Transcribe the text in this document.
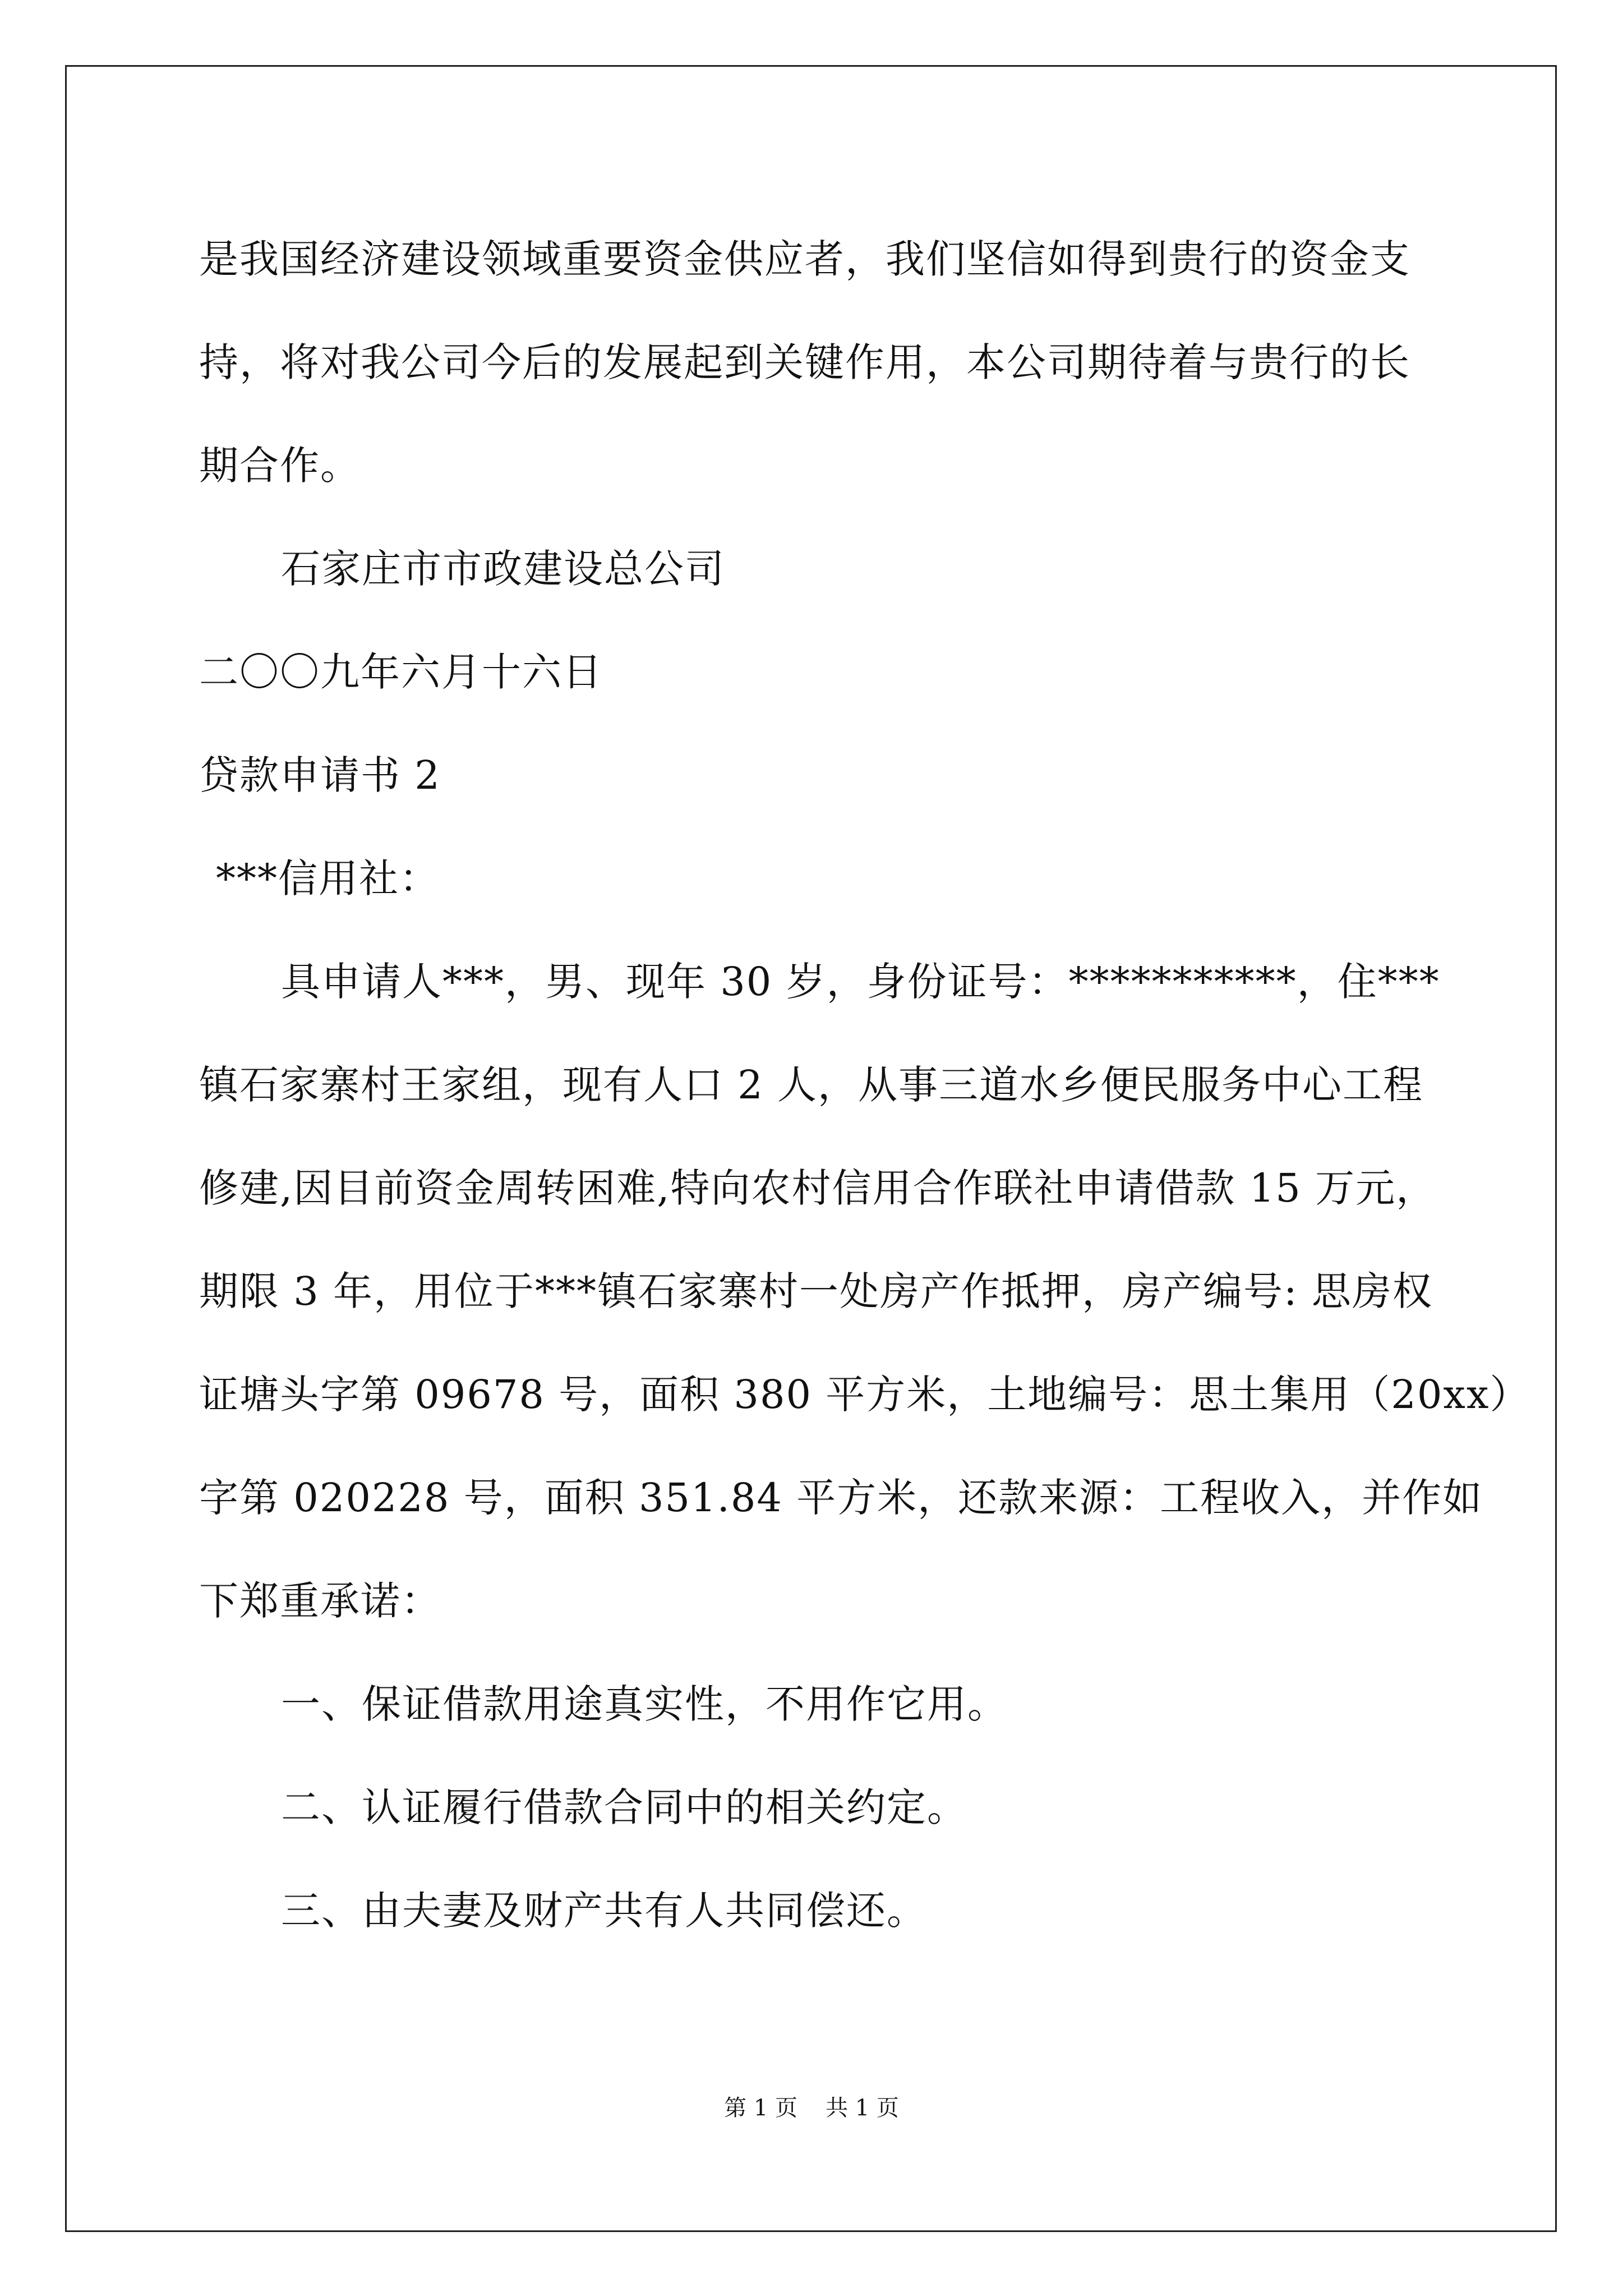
是我国经济建设领域重要资金供应者，我们坚信如得到贵行的资金支
持，将对我公司今后的发展起到关键作用，本公司期待着与贵行的长
期合作。
石家庄市市政建设总公司
二〇〇九年六月十六日
贷款申请书 2
***信用社：
具申请人***，男、现年 30 岁，身份证号：***********，住***
镇石家寨村王家组，现有人口 2 人，从事三道水乡便民服务中心工程
修建,因目前资金周转困难,特向农村信用合作联社申请借款 15 万元，
期限 3 年，用位于***镇石家寨村一处房产作抵押，房产编号: 思房权
证塘头字第 09678 号，面积 380 平方米，土地编号：思土集用（20xx）
字第 020228 号，面积 351.84 平方米，还款来源：工程收入，并作如
下郑重承诺：
一、保证借款用途真实性，不用作它用。
二、认证履行借款合同中的相关约定。
三、由夫妻及财产共有人共同偿还。
第 1 页 共 1 页
